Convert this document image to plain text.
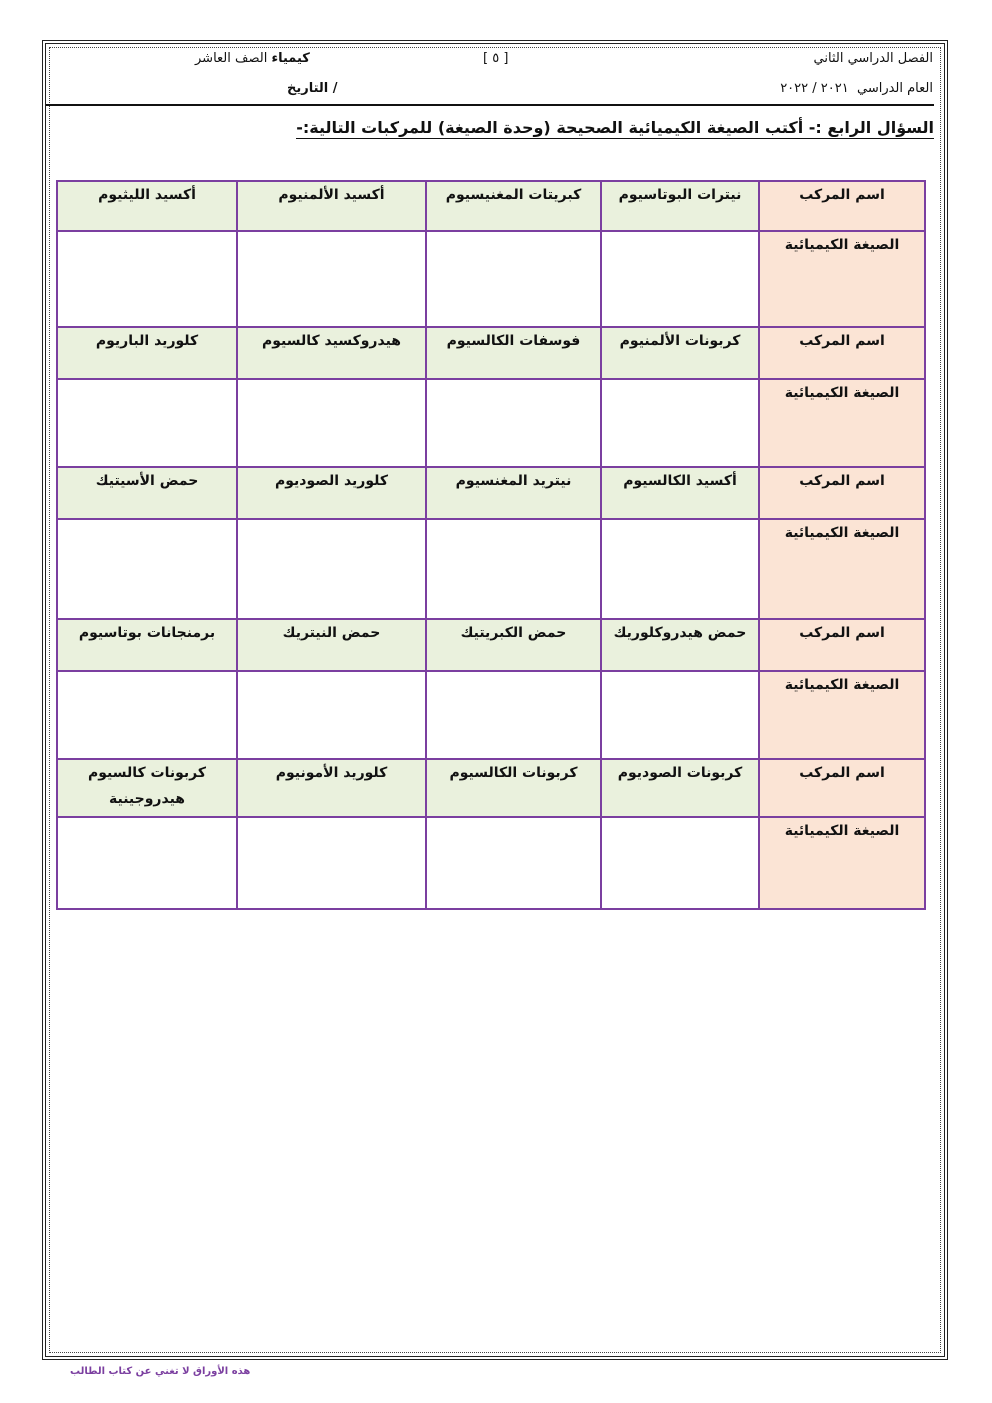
الفصل الدراسي الثاني
[ ٥ ]
كيمياء الصف العاشر
العام الدراسي  ٢٠٢١ / ٢٠٢٢
التاريخ /
السؤال الرابع :- أكتب الصيغة الكيميائية الصحيحة (وحدة الصيغة) للمركبات التالية:-
اسم المركب	نيترات البوتاسيوم	كبريتات المغنيسيوم	أكسيد الألمنيوم	أكسيد الليثيوم
الصيغة الكيميائية				
اسم المركب	كربونات الألمنيوم	فوسفات الكالسيوم	هيدروكسيد كالسيوم	كلوريد الباريوم
الصيغة الكيميائية				
اسم المركب	أكسيد الكالسيوم	نيتريد المغنسيوم	كلوريد الصوديوم	حمض الأسيتيك
الصيغة الكيميائية				
اسم المركب	حمض هيدروكلوريك	حمض الكبريتيك	حمض النيتريك	برمنجانات بوتاسيوم
الصيغة الكيميائية				
اسم المركب	كربونات الصوديوم	كربونات الكالسيوم	كلوريد الأمونيوم	كربونات كالسيوم هيدروجينية
الصيغة الكيميائية				
هذه الأوراق لا تغني عن كتاب الطالب
